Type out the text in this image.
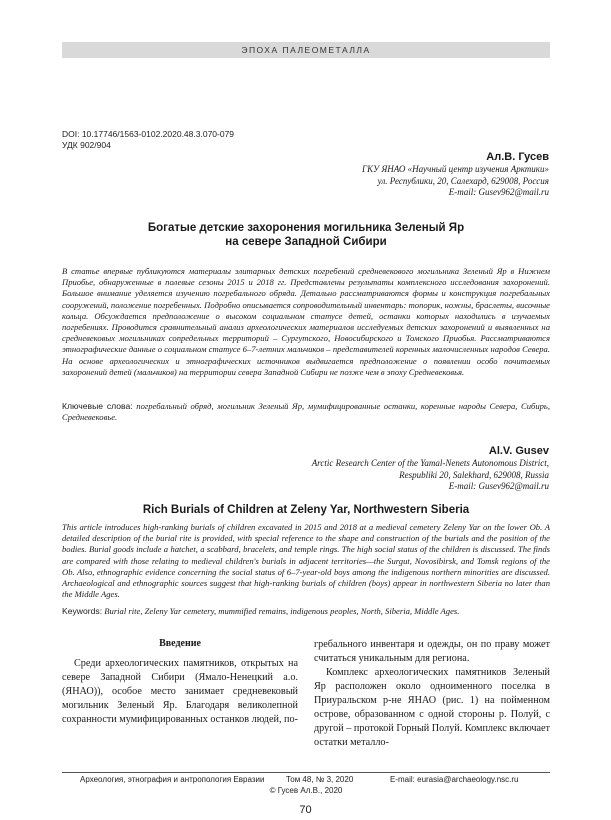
ЭПОХА ПАЛЕОМЕТАЛЛА
DOI: 10.17746/1563-0102.2020.48.3.070-079
УДК 902/904
Ал.В. Гусев
ГКУ ЯНАО «Научный центр изучения Арктики»
ул. Республики, 20, Салехард, 629008, Россия
E-mail: Gusev962@mail.ru
Богатые детские захоронения могильника Зеленый Яр
на севере Западной Сибири
В статье впервые публикуются материалы элитарных детских погребений средневекового могильника Зеленый Яр в Нижнем Приобье, обнаруженные в полевые сезоны 2015 и 2018 гг. Представлены результаты комплексного исследования захоронений. Большое внимание уделяется изучению погребального обряда. Детально рассматриваются формы и конструкция погребальных сооружений, положение погребенных. Подробно описывается сопроводительный инвентарь: топорик, ножны, браслеты, височные кольца. Обсуждается предположение о высоком социальном статусе детей, останки которых находились в изучаемых погребениях. Проводится сравнительный анализ археологических материалов исследуемых детских захоронений и выявленных на средневековых могильниках сопредельных территорий – Сургутского, Новосибирского и Томского Приобья. Рассматриваются этнографические данные о социальном статусе 6–7-летних мальчиков – представителей коренных малочисленных народов Севера. На основе археологических и этнографических источников выдвигается предположение о появлении особо почитаемых захоронений детей (мальчиков) на территории севера Западной Сибири не позже чем в эпоху Средневековья.
Ключевые слова: погребальный обряд, могильник Зеленый Яр, мумифицированные останки, коренные народы Севера, Сибирь, Средневековье.
Al.V. Gusev
Arctic Research Center of the Yamal-Nenets Autonomous District,
Respubliki 20, Salekhard, 629008, Russia
E-mail: Gusev962@mail.ru
Rich Burials of Children at Zeleny Yar, Northwestern Siberia
This article introduces high-ranking burials of children excavated in 2015 and 2018 at a medieval cemetery Zeleny Yar on the lower Ob. A detailed description of the burial rite is provided, with special reference to the shape and construction of the burials and the position of the bodies. Burial goods include a hatchet, a scabbard, bracelets, and temple rings. The high social status of the children is discussed. The finds are compared with those relating to medieval children's burials in adjacent territories—the Surgut, Novosibirsk, and Tomsk regions of the Ob. Also, ethnographic evidence concerning the social status of 6–7-year-old boys among the indigenous northern minorities are discussed. Archaeological and ethnographic sources suggest that high-ranking burials of children (boys) appear in northwestern Siberia no later than the Middle Ages.
Keywords: Burial rite, Zeleny Yar cemetery, mummified remains, indigenous peoples, North, Siberia, Middle Ages.
Введение

Среди археологических памятников, открытых на севере Западной Сибири (Ямало-Ненецкий а.о. (ЯНАО)), особое место занимает средневековый могильник Зеленый Яр. Благодаря великолепной сохранности мумифицированных останков людей, по-

гребального инвентаря и одежды, он по праву может считаться уникальным для региона.

Комплекс археологических памятников Зеленый Яр расположен около одноименного поселка в Приуральском р-не ЯНАО (рис. 1) на пойменном острове, образованном с одной стороны р. Полуй, с другой – протокой Горный Полуй. Комплекс включает остатки металло-

Археология, этнография и антропология Евразии	Том 48, № 3, 2020	E-mail: eurasia@archaeology.nsc.ru
© Гусев Ал.В., 2020
70
